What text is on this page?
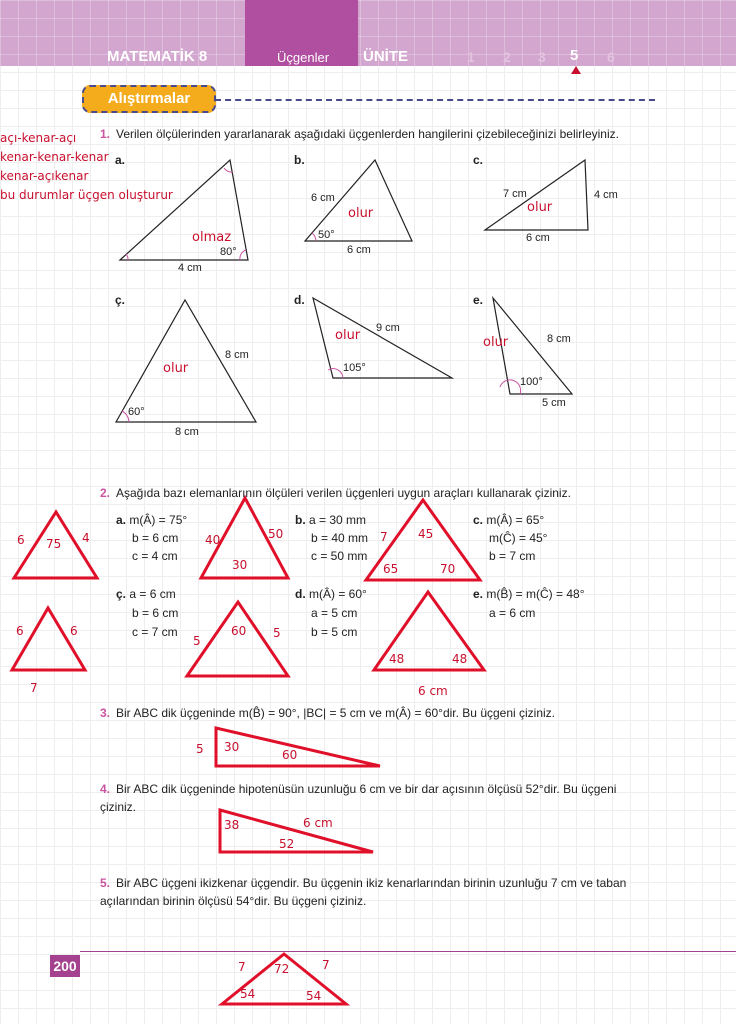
MATEMATİK 8	Üçgenler ÜNİTE	1 2 3 5 6
Alıştırmalar
açı-kenar-açı
kenar-kenar-kenar
kenar-açıkenar
bu durumlar üçgen oluşturur
1. Verilen ölçülerinden yararlanarak aşağıdaki üçgenlerden hangilerini çizebileceğinizi belirleyiniz.
a.
4 cm
80°
olmaz
b.
6 cm
50°
6 cm
olur
c.
7 cm	4 cm
6 cm
olur
ç.
8 cm
60°
8 cm
olur
d.
9 cm
105°
olur
e.
8 cm
100°
5 cm
olur
2. Aşağıda bazı elemanlarının ölçüleri verilen üçgenleri uygun araçları kullanarak çiziniz.
a. m(Â) = 75°
b = 6 cm
c = 4 cm
b. a = 30 mm
b = 40 mm
c = 50 mm
c. m(Â) = 65°
m(Ĉ) = 45°
b = 7 cm
ç. a = 6 cm
b = 6 cm
c = 7 cm
d. m(Â) = 60°
a = 5 cm
b = 5 cm
e. m(B̂) = m(Ĉ) = 48°
a = 6 cm
6 75 4	40	50
30
7	45
65	70
6	6
7
5
60 5
48	48
6 cm
3. Bir ABC dik üçgeninde m(B̂) = 90°, |BC| = 5 cm ve m(Â) = 60°dir. Bu üçgeni çiziniz.
5 30
60
4. Bir ABC dik üçgeninde hipotenüsün uzunluğu 6 cm ve bir dar açısının ölçüsü 52°dir. Bu üçgeni
çiziniz.
38	6 cm
52
5. Bir ABC üçgeni ikizkenar üçgendir. Bu üçgenin ikiz kenarlarından birinin uzunluğu 7 cm ve taban
açılarından birinin ölçüsü 54°dir. Bu üçgeni çiziniz.
7 72	7
54	54
200
